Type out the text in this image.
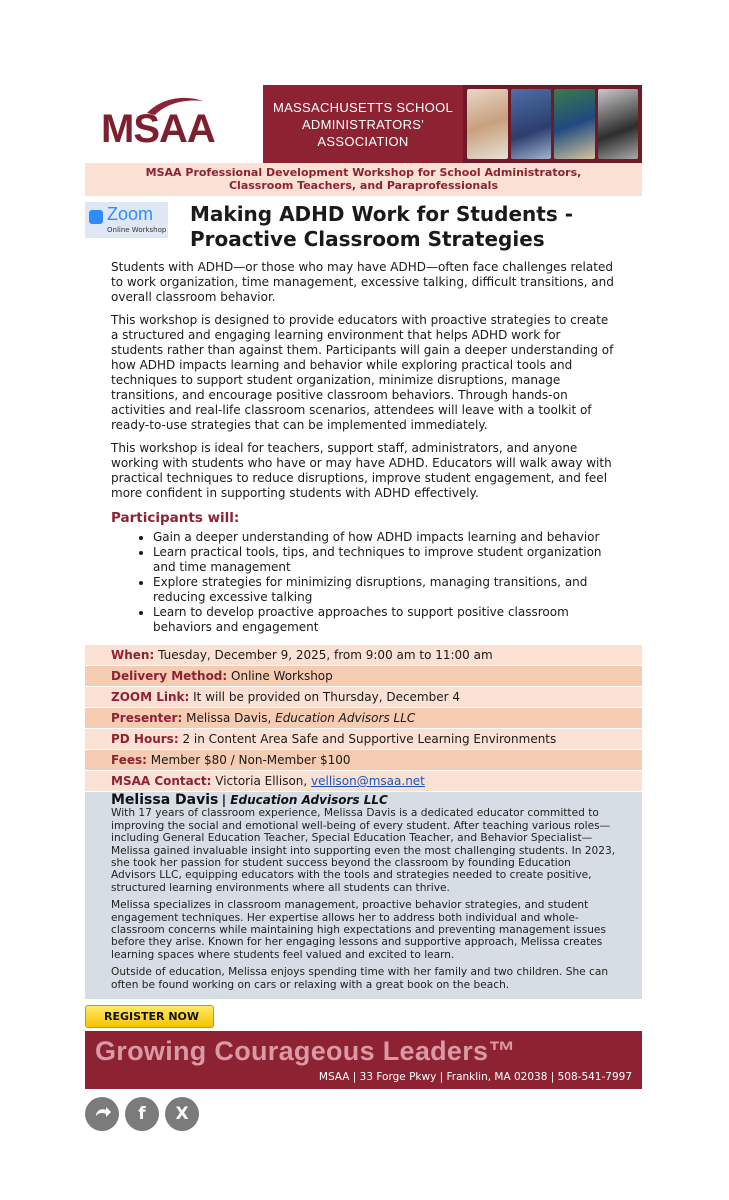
MSAA	MASSACHUSETTS SCHOOL
ADMINISTRATORS' ASSOCIATION
MSAA Professional Development Workshop for School Administrators,
Classroom Teachers, and Paraprofessionals
Zoom
Online Workshop
Making ADHD Work for Students -
Proactive Classroom Strategies

Students with ADHD—or those who may have ADHD—often face challenges related to work organization, time management, excessive talking, difficult transitions, and overall classroom behavior.

This workshop is designed to provide educators with proactive strategies to create a structured and engaging learning environment that helps ADHD work for students rather than against them. Participants will gain a deeper understanding of how ADHD impacts learning and behavior while exploring practical tools and techniques to support student organization, minimize disruptions, manage transitions, and encourage positive classroom behaviors. Through hands-on activities and real-life classroom scenarios, attendees will leave with a toolkit of ready-to-use strategies that can be implemented immediately.

This workshop is ideal for teachers, support staff, administrators, and anyone working with students who have or may have ADHD. Educators will walk away with practical techniques to reduce disruptions, improve student engagement, and feel more confident in supporting students with ADHD effectively.

Participants will:
• Gain a deeper understanding of how ADHD impacts learning and behavior
• Learn practical tools, tips, and techniques to improve student organization and time management
• Explore strategies for minimizing disruptions, managing transitions, and reducing excessive talking
• Learn to develop proactive approaches to support positive classroom behaviors and engagement
When: Tuesday, December 9, 2025, from 9:00 am to 11:00 am
Delivery Method: Online Workshop
ZOOM Link: It will be provided on Thursday, December 4
Presenter: Melissa Davis, Education Advisors LLC
PD Hours: 2 in Content Area Safe and Supportive Learning Environments
Fees: Member $80 / Non-Member $100
MSAA Contact: Victoria Ellison, vellison@msaa.net
Melissa Davis | Education Advisors LLC

With 17 years of classroom experience, Melissa Davis is a dedicated educator committed to improving the social and emotional well-being of every student. After teaching various roles—including General Education Teacher, Special Education Teacher, and Behavior Specialist—Melissa gained invaluable insight into supporting even the most challenging students. In 2023, she took her passion for student success beyond the classroom by founding Education Advisors LLC, equipping educators with the tools and strategies needed to create positive, structured learning environments where all students can thrive.

Melissa specializes in classroom management, proactive behavior strategies, and student engagement techniques. Her expertise allows her to address both individual and whole-classroom concerns while maintaining high expectations and preventing management issues before they arise. Known for her engaging lessons and supportive approach, Melissa creates learning spaces where students feel valued and excited to learn.

Outside of education, Melissa enjoys spending time with her family and two children. She can often be found working on cars or relaxing with a great book on the beach.

REGISTER NOW
Growing Courageous Leaders™
MSAA | 33 Forge Pkwy | Franklin, MA 02038 | 508-541-7997
f X
